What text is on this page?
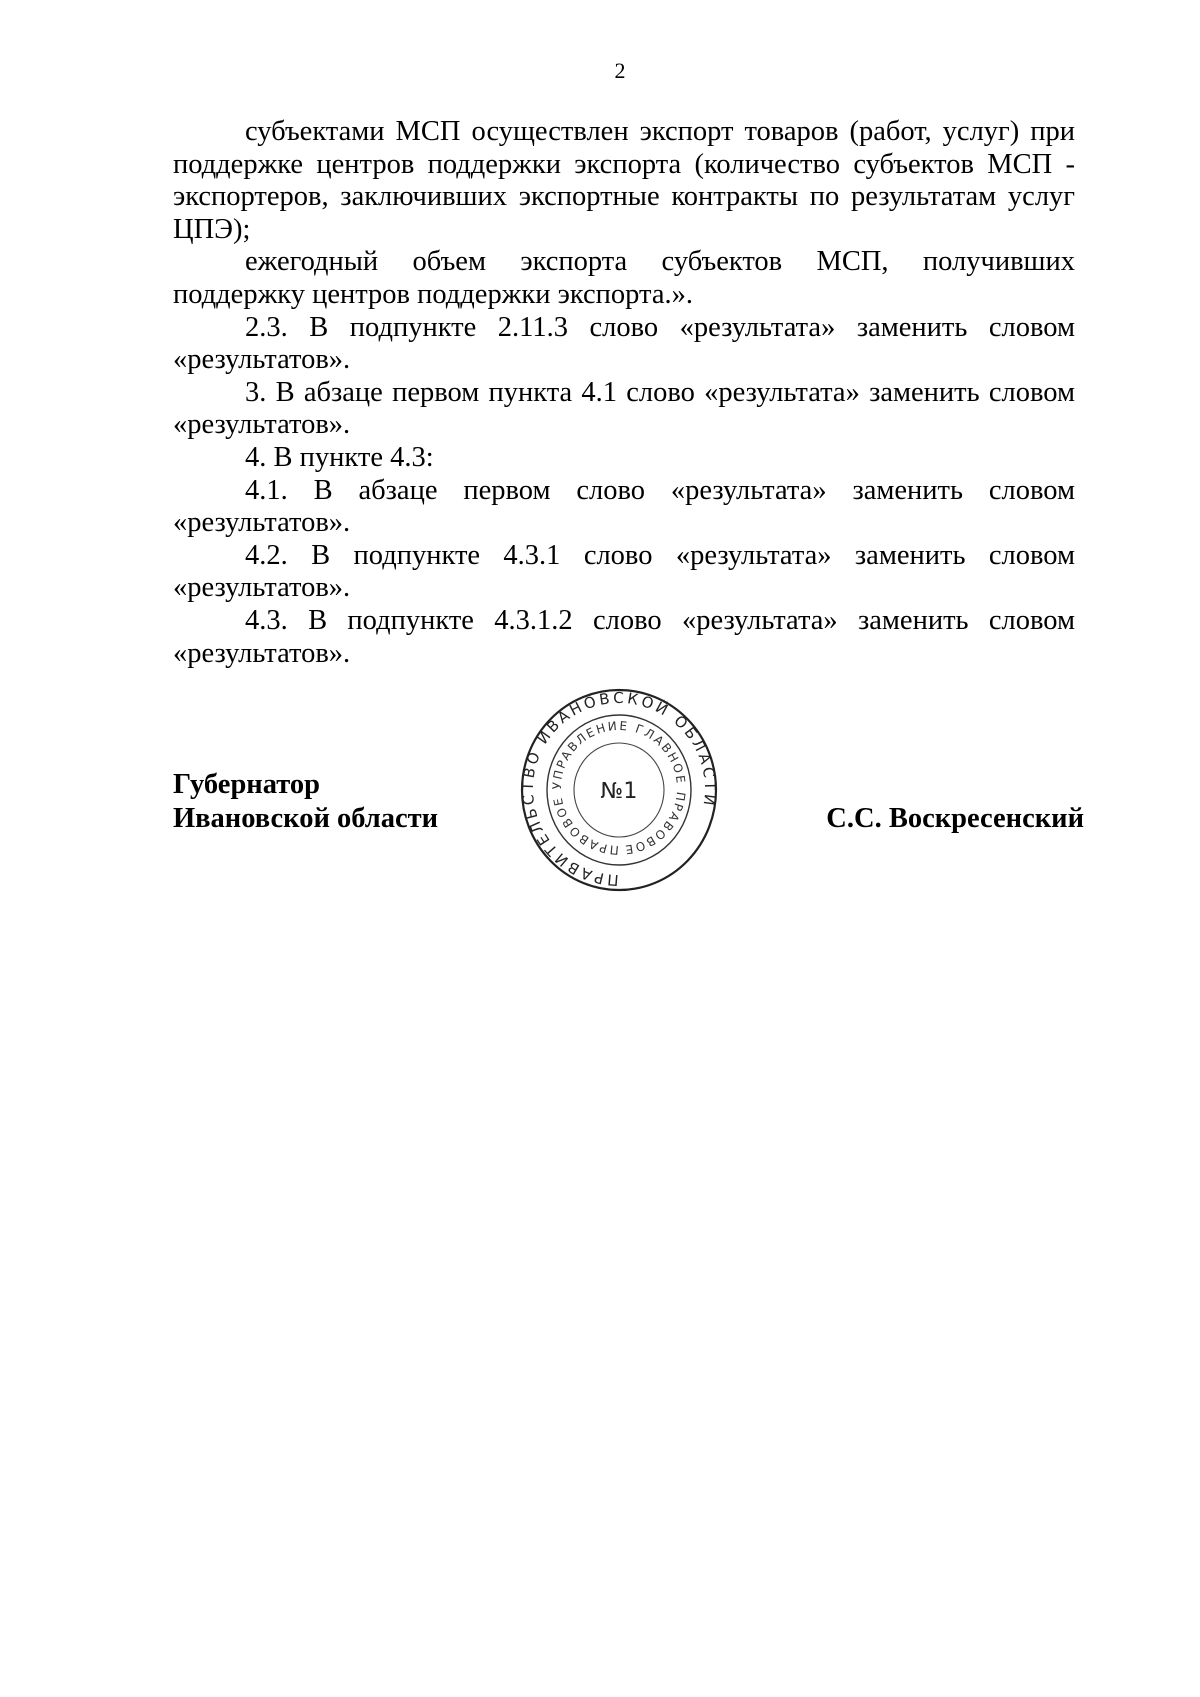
2

субъектами МСП осуществлен экспорт товаров (работ, услуг) при поддержке центров поддержки экспорта (количество субъектов МСП - экспортеров, заключивших экспортные контракты по результатам услуг ЦПЭ);

ежегодный объем экспорта субъектов МСП, получивших поддержку центров поддержки экспорта.».

2.3. В подпункте 2.11.3 слово «результата» заменить словом «результатов».

3. В абзаце первом пункта 4.1 слово «результата» заменить словом «результатов».

4. В пункте 4.3:

4.1. В абзаце первом слово «результата» заменить словом «результатов».

4.2. В подпункте 4.3.1 слово «результата» заменить словом «результатов».

4.3. В подпункте 4.3.1.2 слово «результата» заменить словом «результатов».

Губернатор
Ивановской области	С.С. Воскресенский
ПРАВИТЕЛЬСТВО ИВАНОВСКОЙ ОБЛАСТИ
ПРАВОВОЕ УПРАВЛЕНИЕ ГЛАВНОЕ ПРАВОВОЕ
№1
